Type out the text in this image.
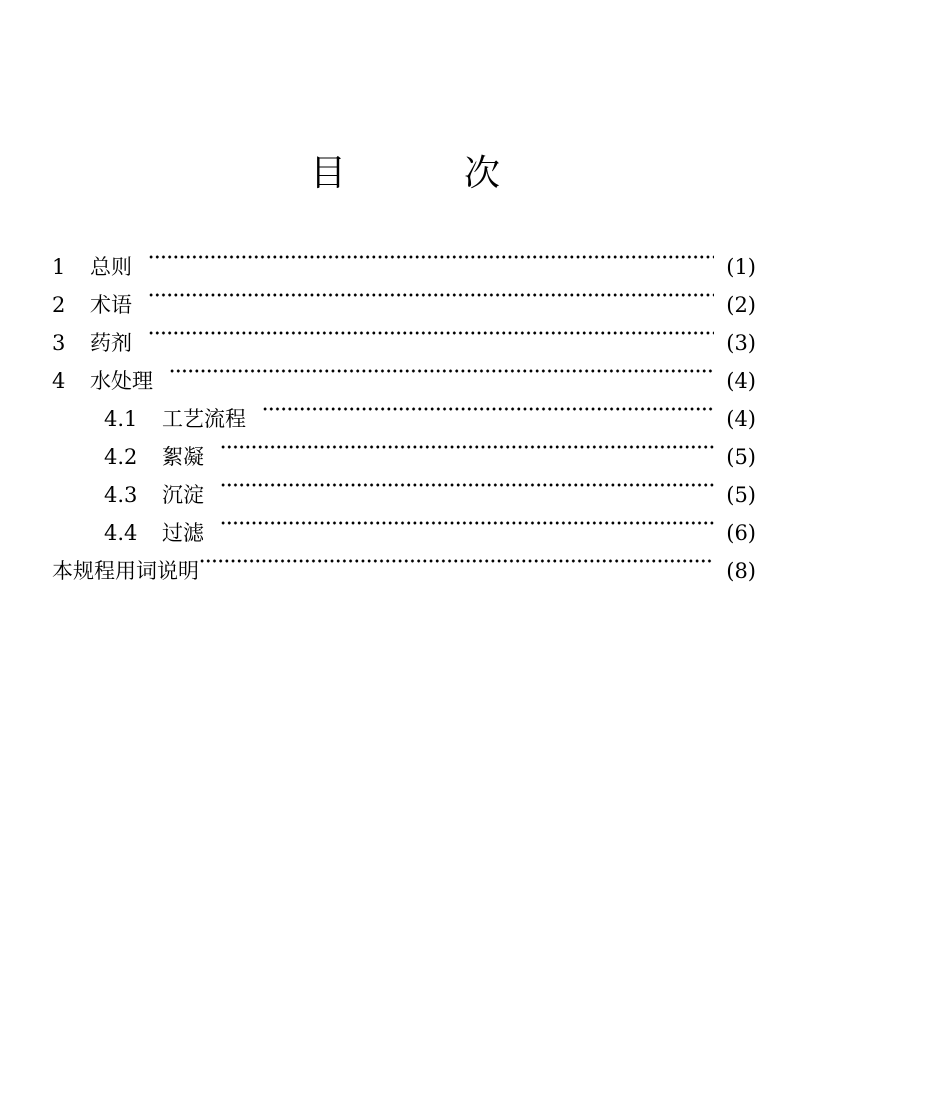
目	次
1	总则	(1)
2	术语	(2)
3	药剂	(3)
4	水处理	(4)
4.1	工艺流程	(4)
4.2	絮凝	(5)
4.3	沉淀	(5)
4.4	过滤	(6)
本规程用词说明	(8)
